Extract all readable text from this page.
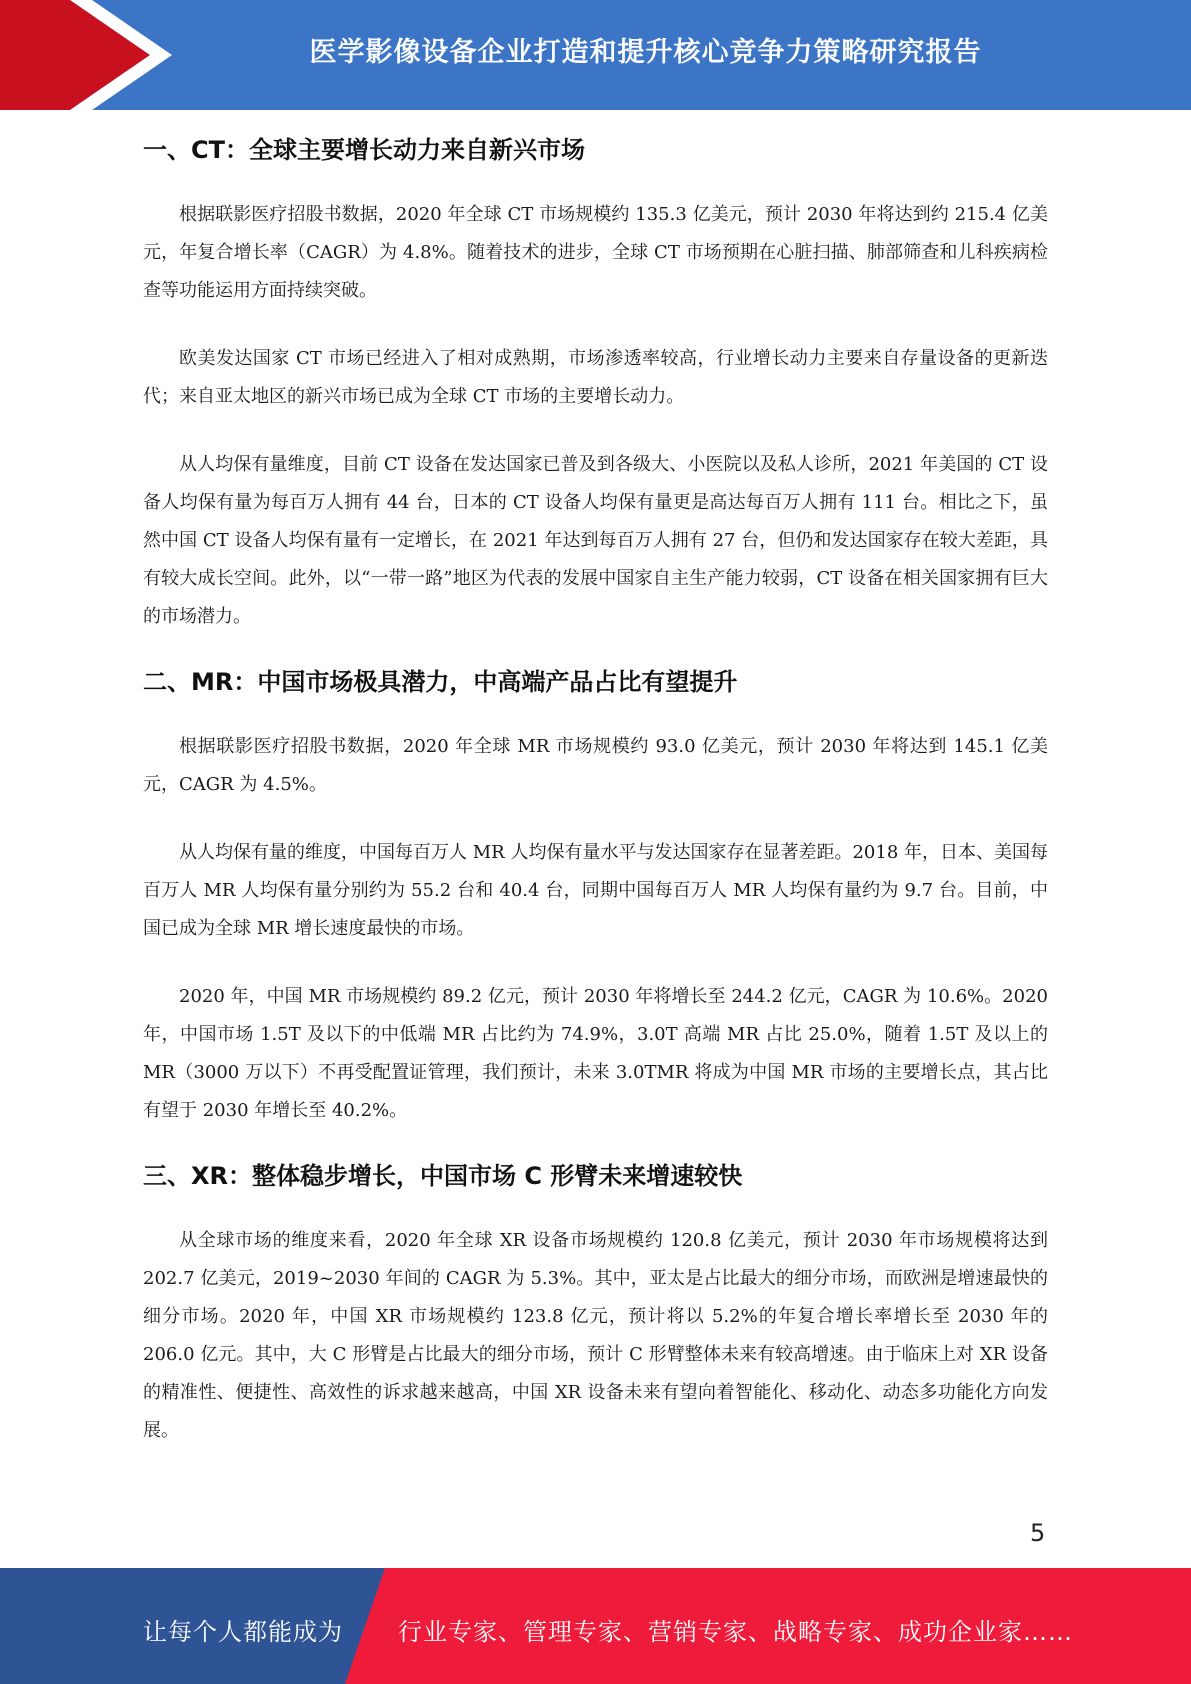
医学影像设备企业打造和提升核心竞争力策略研究报告
一、CT：全球主要增长动力来自新兴市场

根据联影医疗招股书数据，2020 年全球 CT 市场规模约 135.3 亿美元，预计 2030 年将达到约 215.4 亿美元，年复合增长率（CAGR）为 4.8%。随着技术的进步，全球 CT 市场预期在心脏扫描、肺部筛查和儿科疾病检查等功能运用方面持续突破。

欧美发达国家 CT 市场已经进入了相对成熟期，市场渗透率较高，行业增长动力主要来自存量设备的更新迭代；来自亚太地区的新兴市场已成为全球 CT 市场的主要增长动力。

从人均保有量维度，目前 CT 设备在发达国家已普及到各级大、小医院以及私人诊所，2021 年美国的 CT 设备人均保有量为每百万人拥有 44 台，日本的 CT 设备人均保有量更是高达每百万人拥有 111 台。相比之下，虽然中国 CT 设备人均保有量有一定增长，在 2021 年达到每百万人拥有 27 台，但仍和发达国家存在较大差距，具有较大成长空间。此外，以“一带一路”地区为代表的发展中国家自主生产能力较弱，CT 设备在相关国家拥有巨大的市场潜力。

二、MR：中国市场极具潜力，中高端产品占比有望提升

根据联影医疗招股书数据，2020 年全球 MR 市场规模约 93.0 亿美元，预计 2030 年将达到 145.1 亿美元，CAGR 为 4.5%。

从人均保有量的维度，中国每百万人 MR 人均保有量水平与发达国家存在显著差距。2018 年，日本、美国每百万人 MR 人均保有量分别约为 55.2 台和 40.4 台，同期中国每百万人 MR 人均保有量约为 9.7 台。目前，中国已成为全球 MR 增长速度最快的市场。

2020 年，中国 MR 市场规模约 89.2 亿元，预计 2030 年将增长至 244.2 亿元，CAGR 为 10.6%。2020 年，中国市场 1.5T 及以下的中低端 MR 占比约为 74.9%，3.0T 高端 MR 占比 25.0%，随着 1.5T 及以上的 MR（3000 万以下）不再受配置证管理，我们预计，未来 3.0TMR 将成为中国 MR 市场的主要增长点，其占比有望于 2030 年增长至 40.2%。

三、XR：整体稳步增长，中国市场 C 形臂未来增速较快

从全球市场的维度来看，2020 年全球 XR 设备市场规模约 120.8 亿美元，预计 2030 年市场规模将达到 202.7 亿美元，2019~2030 年间的 CAGR 为 5.3%。其中，亚太是占比最大的细分市场，而欧洲是增速最快的细分市场。2020 年，中国 XR 市场规模约 123.8 亿元，预计将以 5.2%的年复合增长率增长至 2030 年的 206.0 亿元。其中，大 C 形臂是占比最大的细分市场，预计 C 形臂整体未来有较高增速。由于临床上对 XR 设备的精准性、便捷性、高效性的诉求越来越高，中国 XR 设备未来有望向着智能化、移动化、动态多功能化方向发展。

5
让每个人都能成为 行业专家、管理专家、营销专家、战略专家、成功企业家……
